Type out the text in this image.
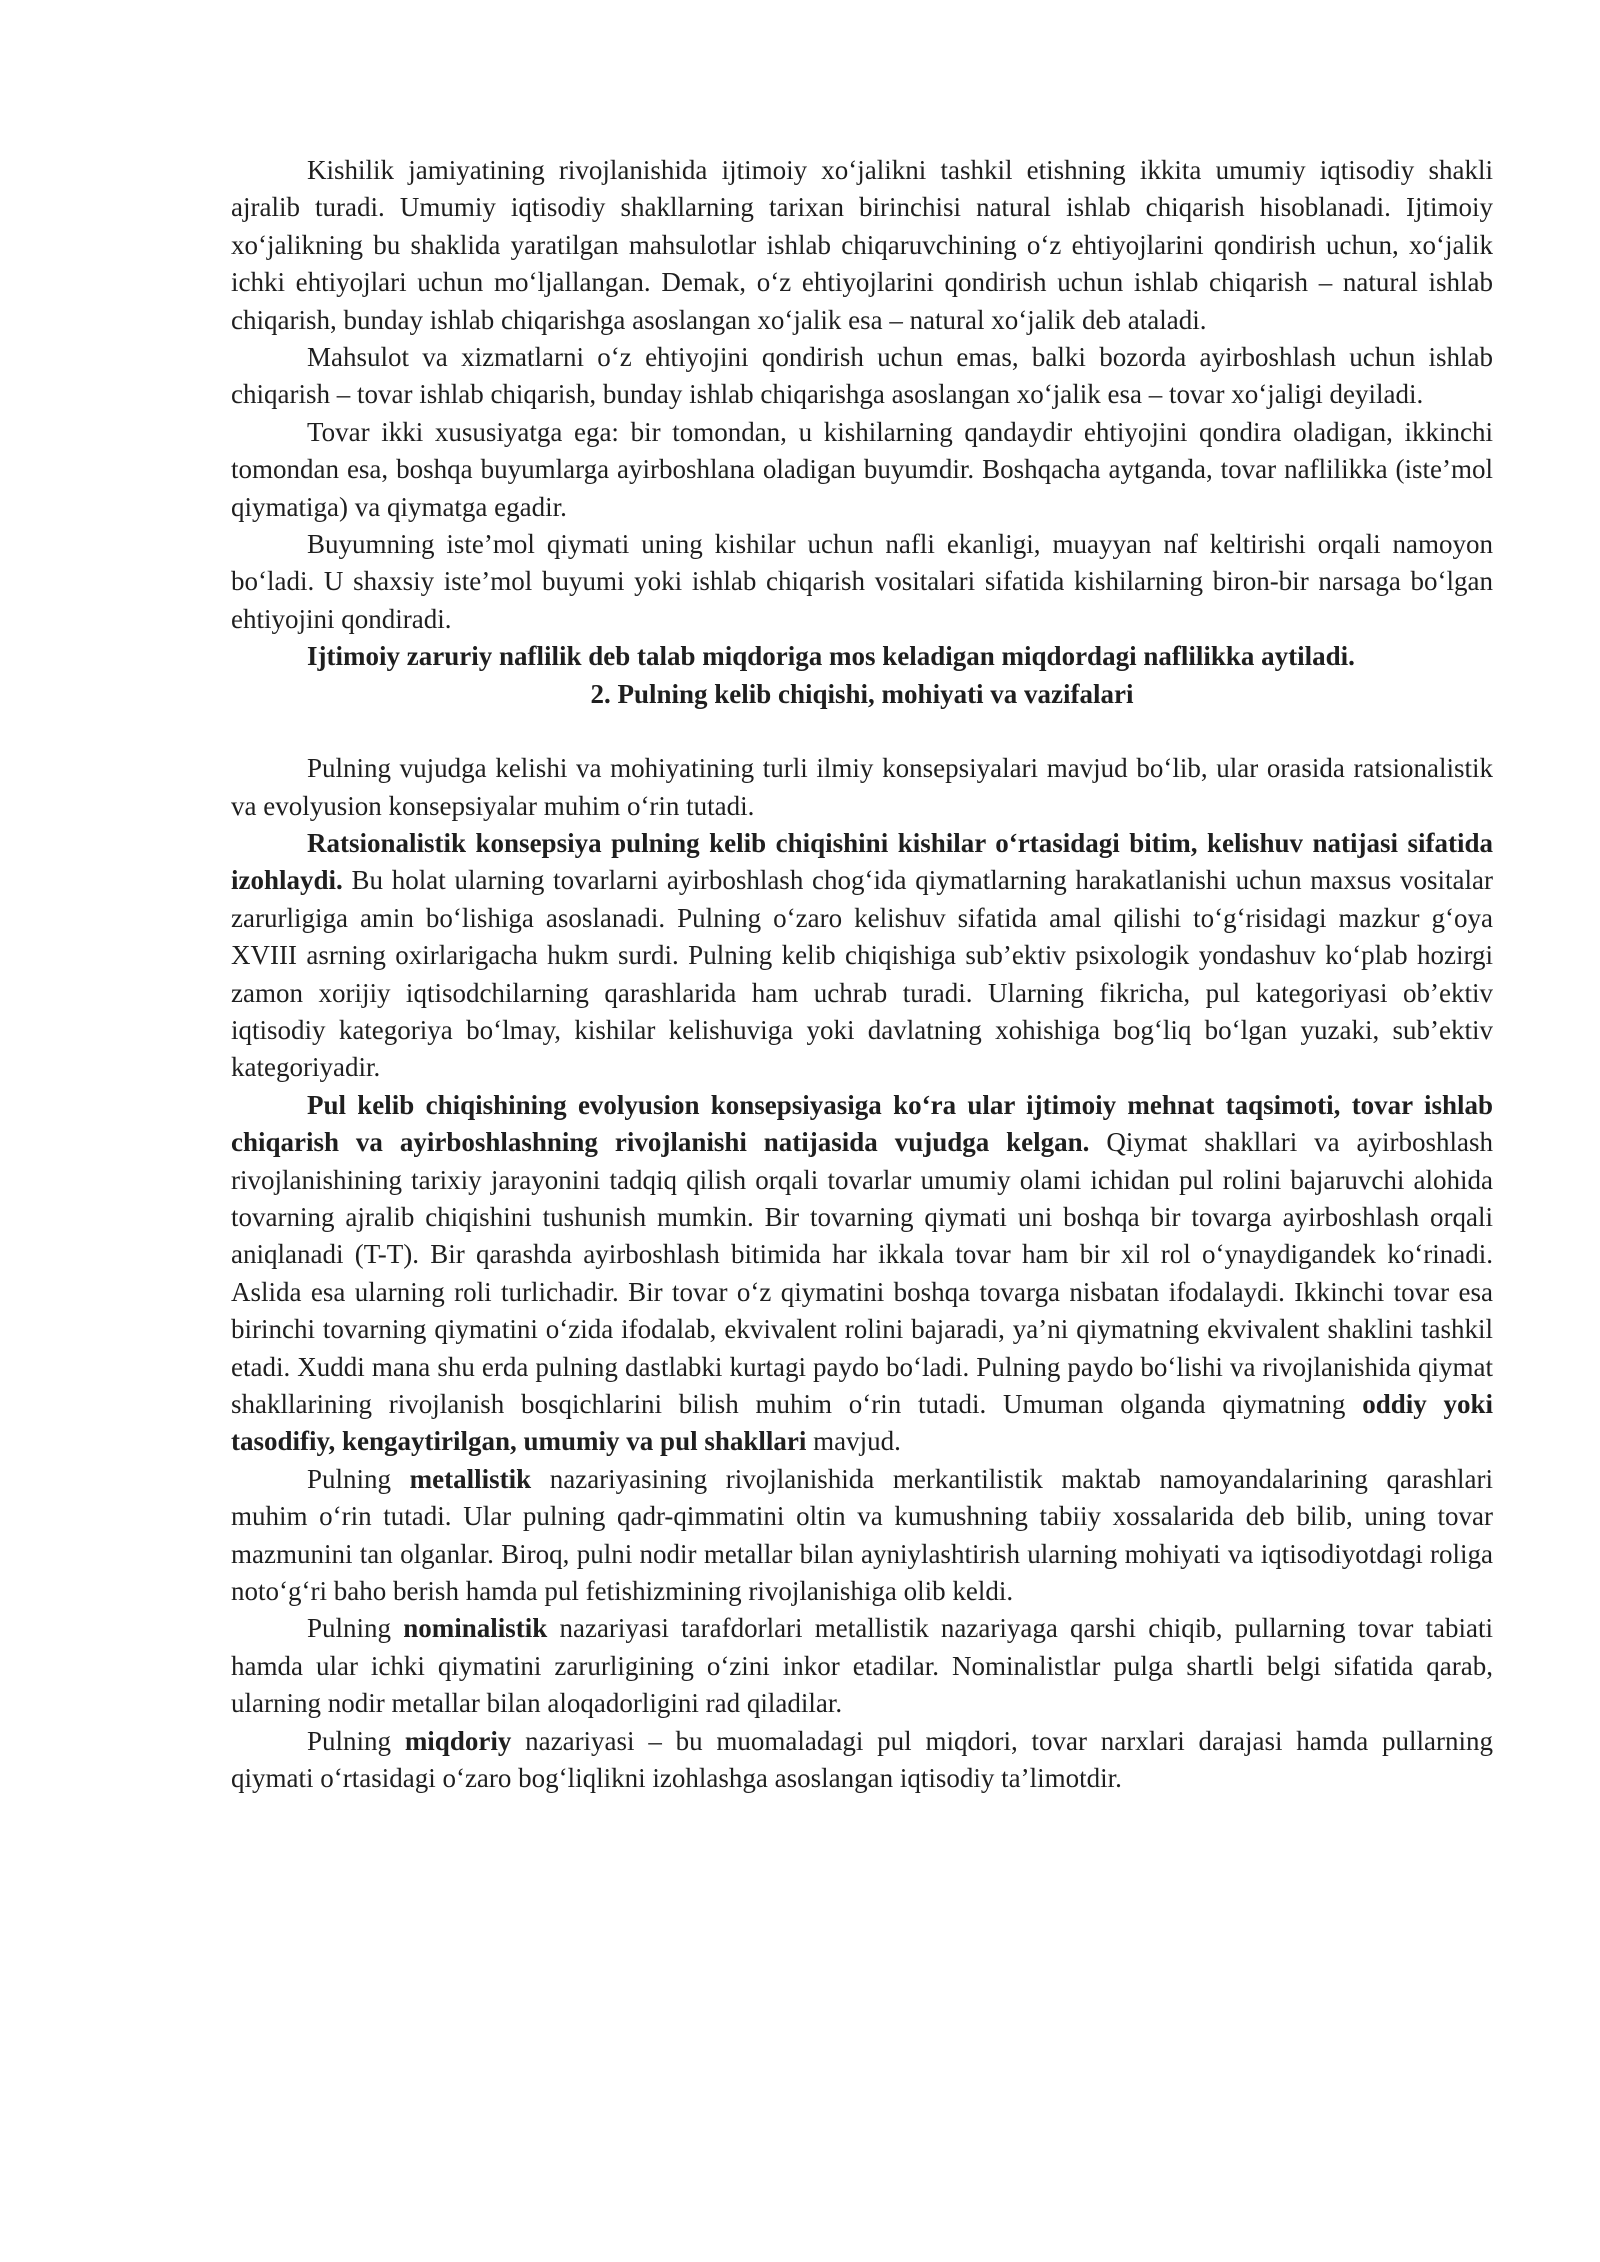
Kishilik jamiyatining rivojlanishida ijtimoiy xo‘jalikni tashkil etishning ikkita umumiy iqtisodiy shakli ajralib turadi. Umumiy iqtisodiy shakllarning tarixan birinchisi natural ishlab chiqarish hisoblanadi. Ijtimoiy xo‘jalikning bu shaklida yaratilgan mahsulotlar ishlab chiqaruvchining o‘z ehtiyojlarini qondirish uchun, xo‘jalik ichki ehtiyojlari uchun mo‘ljallangan. Demak, o‘z ehtiyojlarini qondirish uchun ishlab chiqarish – natural ishlab chiqarish, bunday ishlab chiqarishga asoslangan xo‘jalik esa – natural xo‘jalik deb ataladi.

Mahsulot va xizmatlarni o‘z ehtiyojini qondirish uchun emas, balki bozorda ayirboshlash uchun ishlab chiqarish – tovar ishlab chiqarish, bunday ishlab chiqarishga asoslangan xo‘jalik esa – tovar xo‘jaligi deyiladi.

Tovar ikki xususiyatga ega: bir tomondan, u kishilarning qandaydir ehtiyojini qondira oladigan, ikkinchi tomondan esa, boshqa buyumlarga ayirboshlana oladigan buyumdir. Boshqacha aytganda, tovar naflilikka (iste’mol qiymatiga) va qiymatga egadir.

Buyumning iste’mol qiymati uning kishilar uchun nafli ekanligi, muayyan naf keltirishi orqali namoyon bo‘ladi. U shaxsiy iste’mol buyumi yoki ishlab chiqarish vositalari sifatida kishilarning biron-bir narsaga bo‘lgan ehtiyojini qondiradi.

Ijtimoiy zaruriy naflilik deb talab miqdoriga mos keladigan miqdordagi naflilikka aytiladi.

2. Pulning kelib chiqishi, mohiyati va vazifalari

Pulning vujudga kelishi va mohiyatining turli ilmiy konsepsiyalari mavjud bo‘lib, ular orasida ratsionalistik va evolyusion konsepsiyalar muhim o‘rin tutadi.

Ratsionalistik konsepsiya pulning kelib chiqishini kishilar o‘rtasidagi bitim, kelishuv natijasi sifatida izohlaydi. Bu holat ularning tovarlarni ayirboshlash chog‘ida qiymatlarning harakatlanishi uchun maxsus vositalar zarurligiga amin bo‘lishiga asoslanadi. Pulning o‘zaro kelishuv sifatida amal qilishi to‘g‘risidagi mazkur g‘oya XVIII asrning oxirlarigacha hukm surdi. Pulning kelib chiqishiga sub’ektiv psixologik yondashuv ko‘plab hozirgi zamon xorijiy iqtisodchilarning qarashlarida ham uchrab turadi. Ularning fikricha, pul kategoriyasi ob’ektiv iqtisodiy kategoriya bo‘lmay, kishilar kelishuviga yoki davlatning xohishiga bog‘liq bo‘lgan yuzaki, sub’ektiv kategoriyadir.

Pul kelib chiqishining evolyusion konsepsiyasiga ko‘ra ular ijtimoiy mehnat taqsimoti, tovar ishlab chiqarish va ayirboshlashning rivojlanishi natijasida vujudga kelgan. Qiymat shakllari va ayirboshlash rivojlanishining tarixiy jarayonini tadqiq qilish orqali tovarlar umumiy olami ichidan pul rolini bajaruvchi alohida tovarning ajralib chiqishini tushunish mumkin. Bir tovarning qiymati uni boshqa bir tovarga ayirboshlash orqali aniqlanadi (T-T). Bir qarashda ayirboshlash bitimida har ikkala tovar ham bir xil rol o‘ynaydigandek ko‘rinadi. Aslida esa ularning roli turlichadir. Bir tovar o‘z qiymatini boshqa tovarga nisbatan ifodalaydi. Ikkinchi tovar esa birinchi tovarning qiymatini o‘zida ifodalab, ekvivalent rolini bajaradi, ya’ni qiymatning ekvivalent shaklini tashkil etadi. Xuddi mana shu erda pulning dastlabki kurtagi paydo bo‘ladi. Pulning paydo bo‘lishi va rivojlanishida qiymat shakllarining rivojlanish bosqichlarini bilish muhim o‘rin tutadi. Umuman olganda qiymatning oddiy yoki tasodifiy, kengaytirilgan, umumiy va pul shakllari mavjud.

Pulning metallistik nazariyasining rivojlanishida merkantilistik maktab namoyandalarining qarashlari muhim o‘rin tutadi. Ular pulning qadr-qimmatini oltin va kumushning tabiiy xossalarida deb bilib, uning tovar mazmunini tan olganlar. Biroq, pulni nodir metallar bilan ayniylashtirish ularning mohiyati va iqtisodiyotdagi roliga noto‘g‘ri baho berish hamda pul fetishizmining rivojlanishiga olib keldi.

Pulning nominalistik nazariyasi tarafdorlari metallistik nazariyaga qarshi chiqib, pullarning tovar tabiati hamda ular ichki qiymatini zarurligining o‘zini inkor etadilar. Nominalistlar pulga shartli belgi sifatida qarab, ularning nodir metallar bilan aloqadorligini rad qiladilar.

Pulning miqdoriy nazariyasi – bu muomaladagi pul miqdori, tovar narxlari darajasi hamda pullarning qiymati o‘rtasidagi o‘zaro bog‘liqlikni izohlashga asoslangan iqtisodiy ta’limotdir.
